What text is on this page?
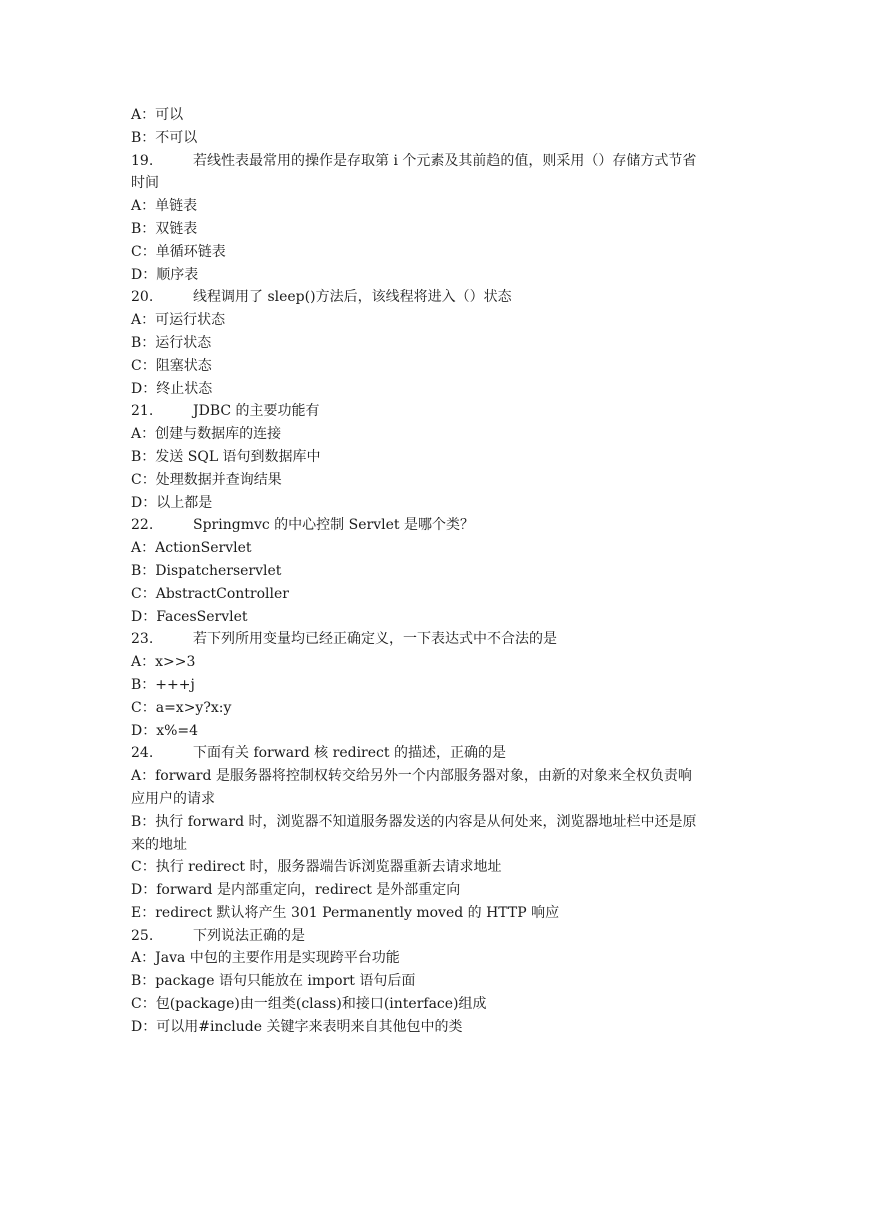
A：可以
B：不可以
19.	若线性表最常用的操作是存取第 i 个元素及其前趋的值，则采用（）存储方式节省
时间
A：单链表
B：双链表
C：单循环链表
D：顺序表
20.	线程调用了 sleep()方法后，该线程将进入（）状态
A：可运行状态
B：运行状态
C：阻塞状态
D：终止状态
21.	JDBC 的主要功能有
A：创建与数据库的连接
B：发送 SQL 语句到数据库中
C：处理数据并查询结果
D：以上都是
22.	Springmvc 的中心控制 Servlet 是哪个类？
A：ActionServlet
B：Dispatcherservlet
C：AbstractController
D：FacesServlet
23.	若下列所用变量均已经正确定义，一下表达式中不合法的是
A：x>>3
B：+++j
C：a=x>y?x:y
D：x%=4
24.	下面有关 forward 核 redirect 的描述，正确的是
A：forward 是服务器将控制权转交给另外一个内部服务器对象，由新的对象来全权负责响
应用户的请求
B：执行 forward 时，浏览器不知道服务器发送的内容是从何处来，浏览器地址栏中还是原
来的地址
C：执行 redirect 时，服务器端告诉浏览器重新去请求地址
D：forward 是内部重定向，redirect 是外部重定向
E：redirect 默认将产生 301 Permanently moved 的 HTTP 响应
25.	下列说法正确的是
A：Java 中包的主要作用是实现跨平台功能
B：package 语句只能放在 import 语句后面
C：包(package)由一组类(class)和接口(interface)组成
D：可以用#include 关键字来表明来自其他包中的类
